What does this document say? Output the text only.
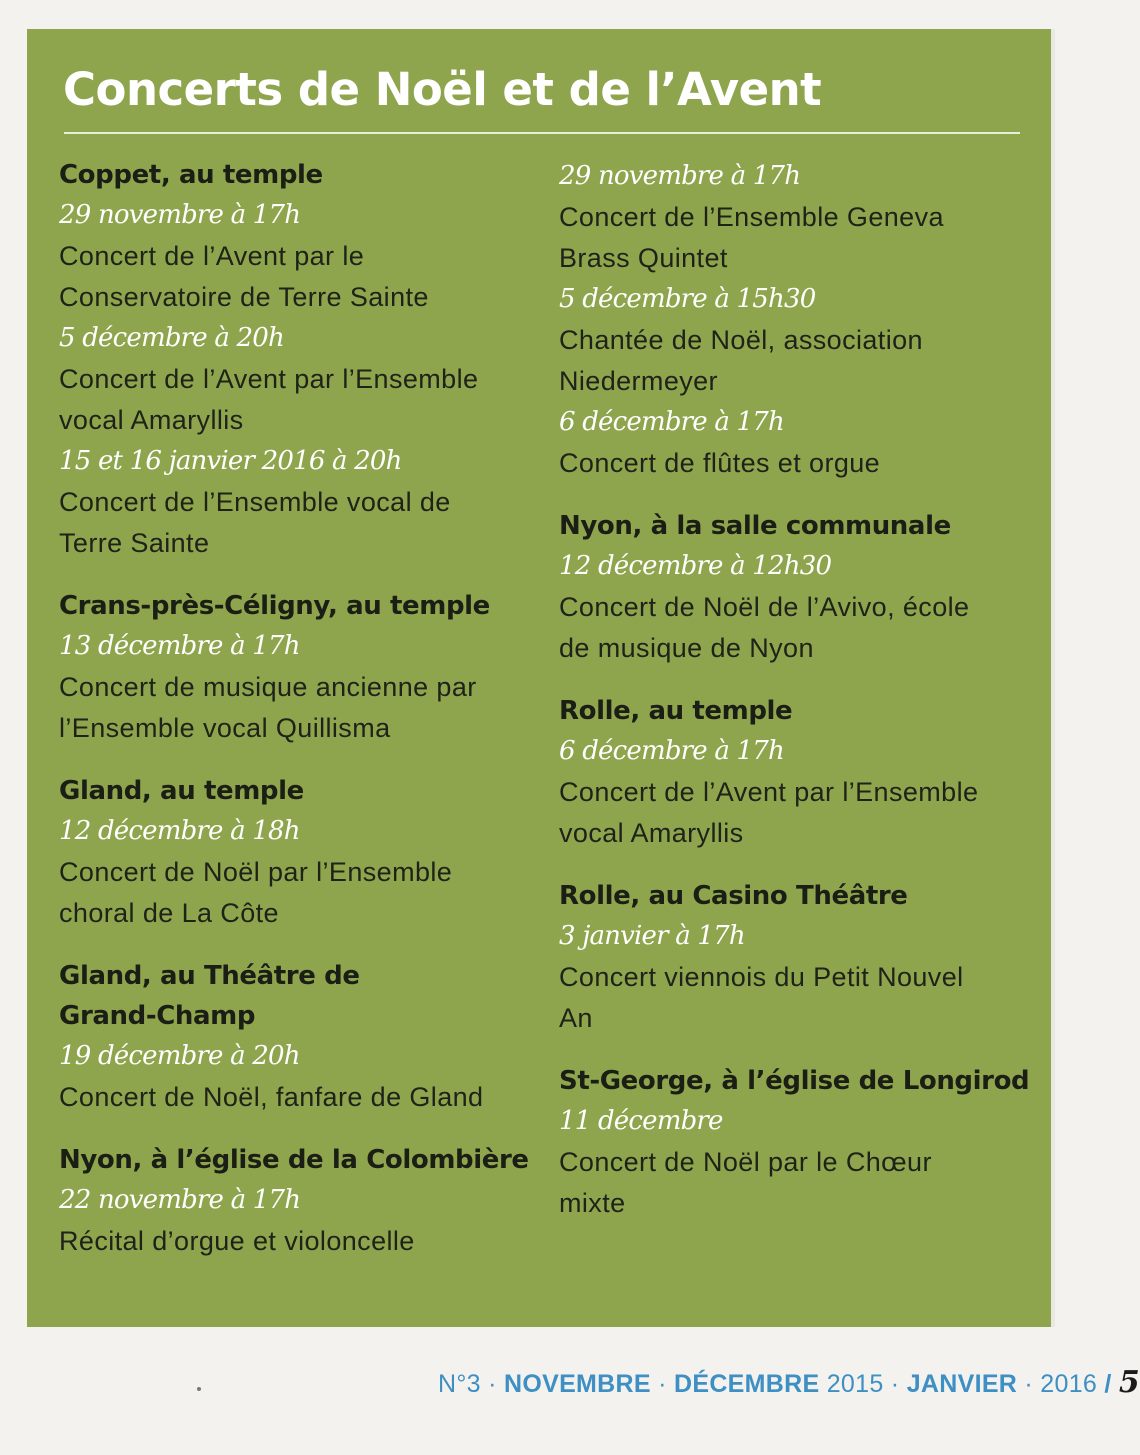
Concerts de Noël et de l’Avent
Coppet, au temple
29 novembre à 17h
Concert de l’Avent par le
Conservatoire de Terre Sainte
5 décembre à 20h
Concert de l’Avent par l’Ensemble
vocal Amaryllis
15 et 16 janvier 2016 à 20h
Concert de l’Ensemble vocal de
Terre Sainte
Crans-près-Céligny, au temple
13 décembre à 17h
Concert de musique ancienne par
l’Ensemble vocal Quillisma
Gland, au temple
12 décembre à 18h
Concert de Noël par l’Ensemble
choral de La Côte
Gland, au Théâtre de
Grand-Champ
19 décembre à 20h
Concert de Noël, fanfare de Gland
Nyon, à l’église de la Colombière
22 novembre à 17h
Récital d’orgue et violoncelle
29 novembre à 17h
Concert de l’Ensemble Geneva
Brass Quintet
5 décembre à 15h30
Chantée de Noël, association
Niedermeyer
6 décembre à 17h
Concert de flûtes et orgue
Nyon, à la salle communale
12 décembre à 12h30
Concert de Noël de l’Avivo, école
de musique de Nyon
Rolle, au temple
6 décembre à 17h
Concert de l’Avent par l’Ensemble
vocal Amaryllis
Rolle, au Casino Théâtre
3 janvier à 17h
Concert viennois du Petit Nouvel
An
St-George, à l’église de Longirod
11 décembre
Concert de Noël par le Chœur
mixte
N°3 · NOVEMBRE · DÉCEMBRE 2015 · JANVIER · 2016 / 5
